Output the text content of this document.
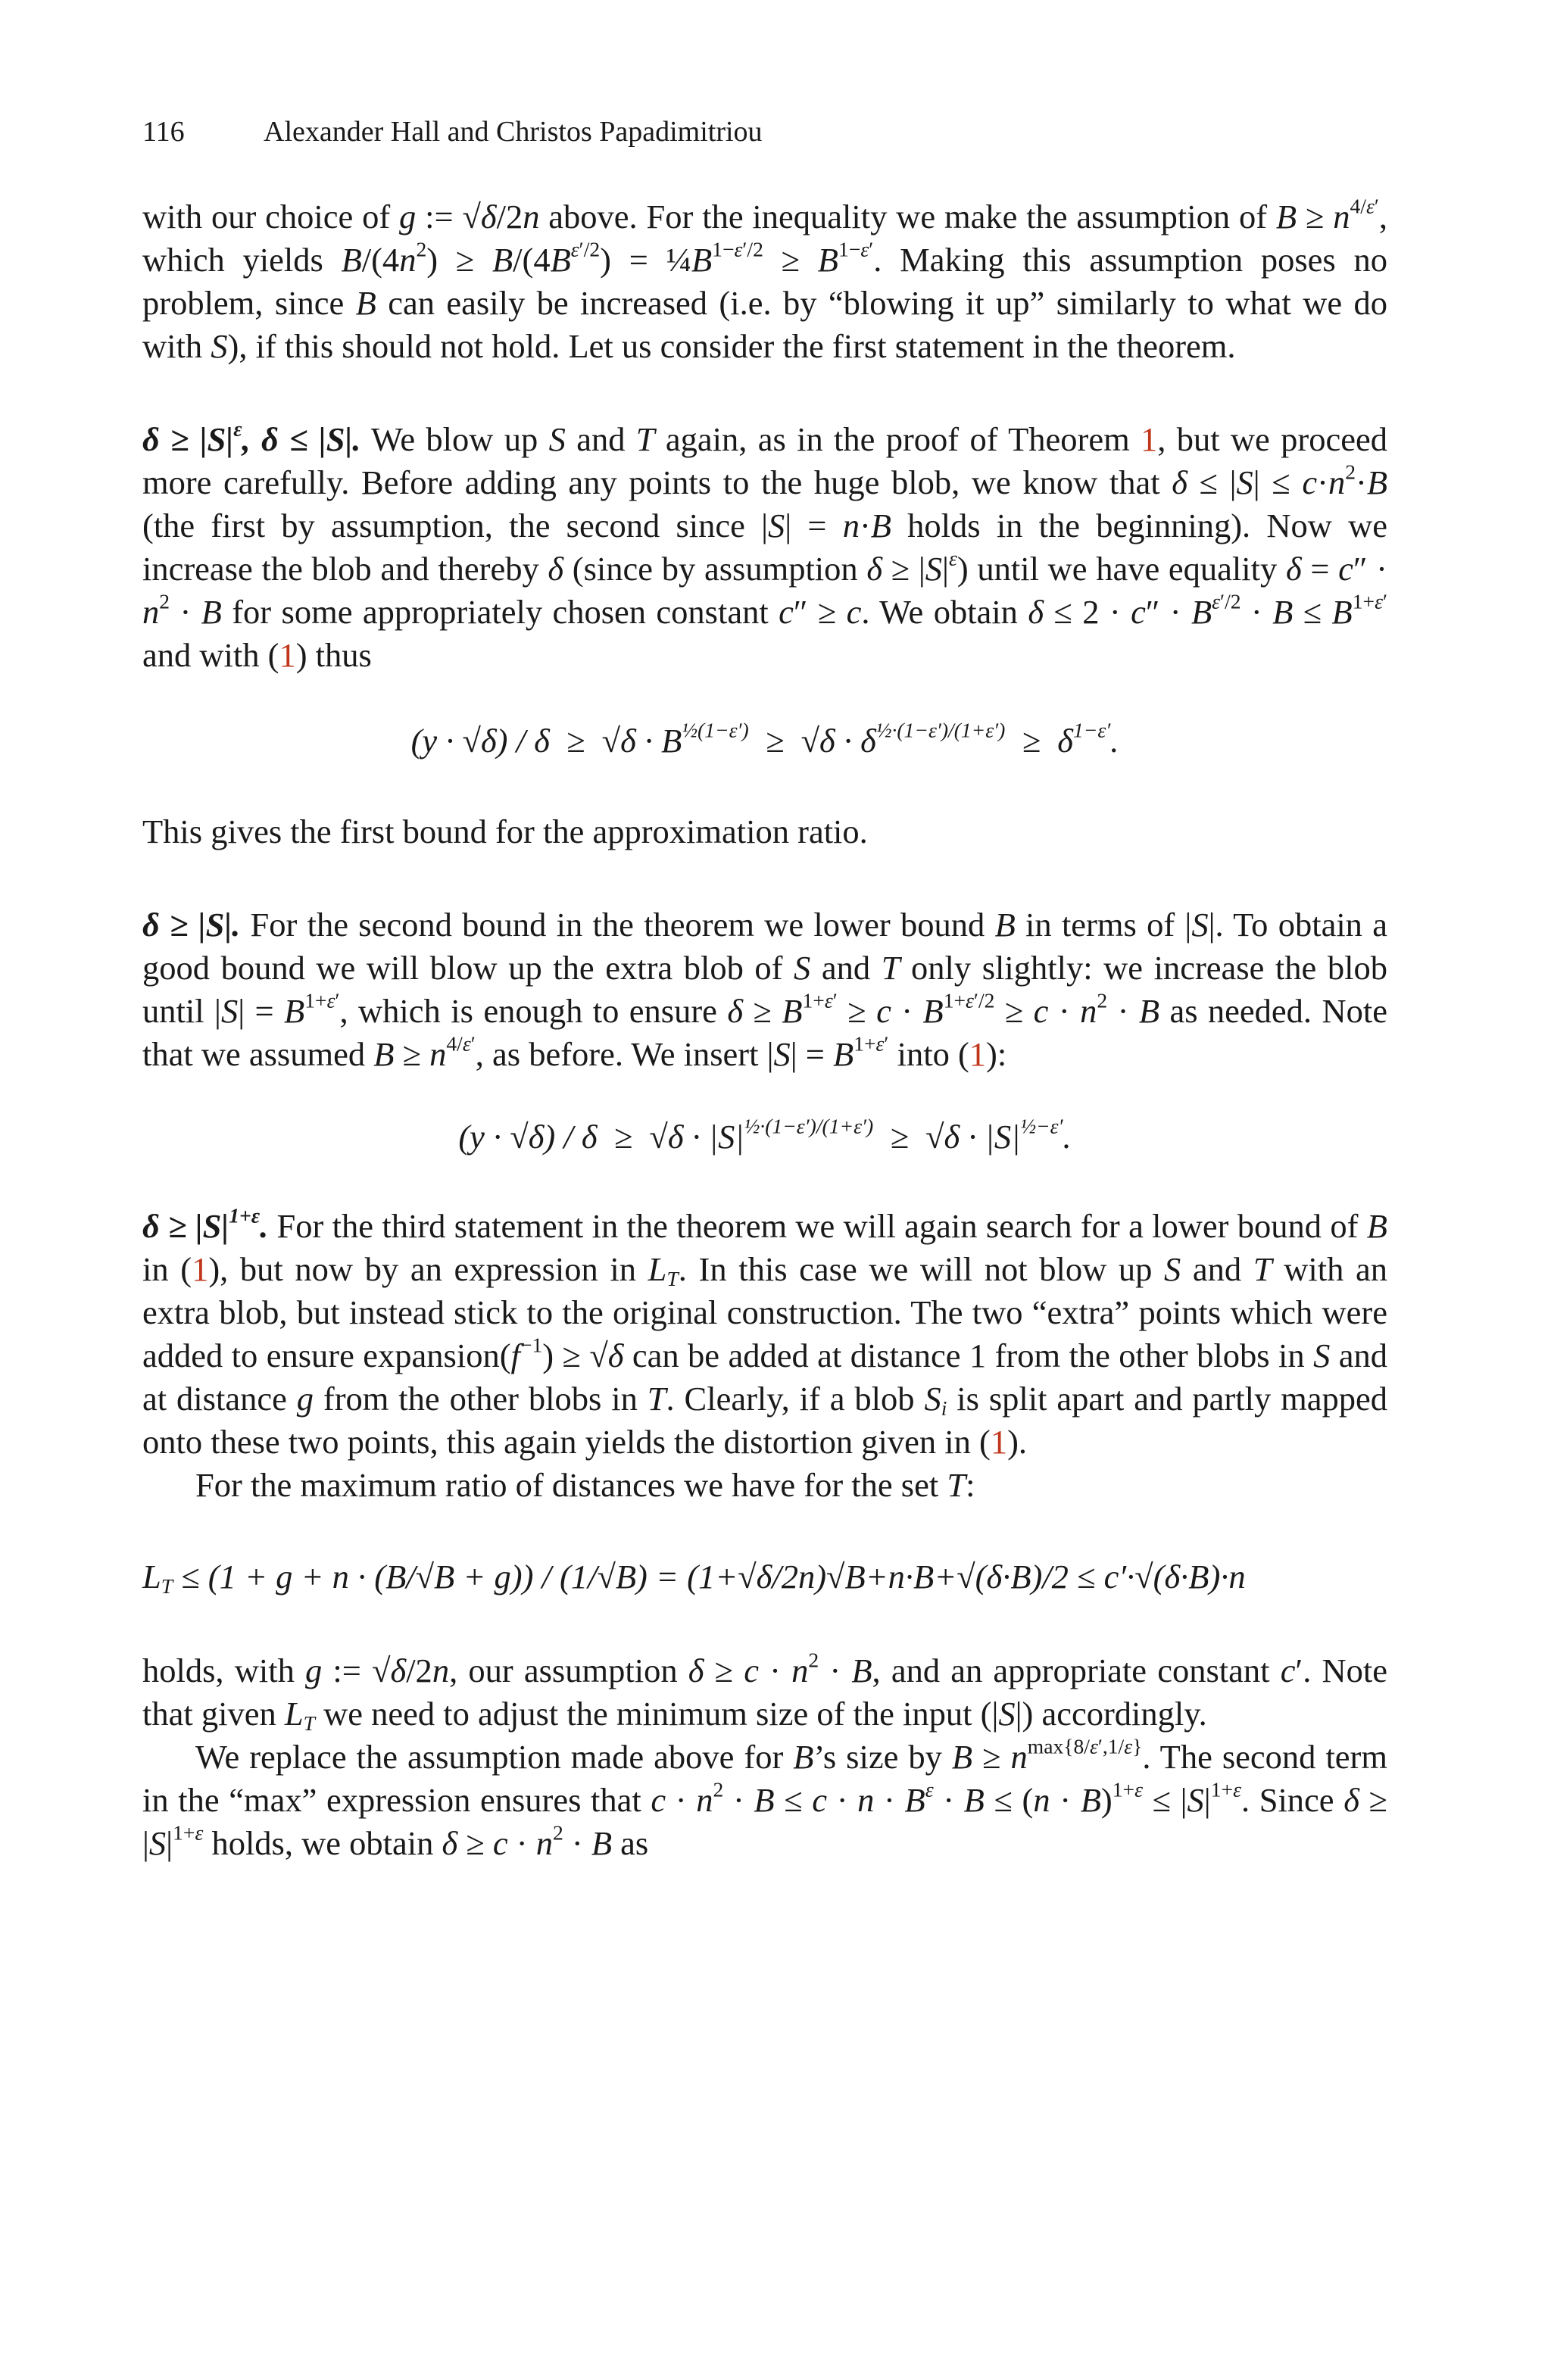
116	Alexander Hall and Christos Papadimitriou

with our choice of g := √δ/2n above. For the inequality we make the assumption of $B \ge n^{4/\varepsilon'}$, which yields $B/(4n^2) \ge B/(4B^{\varepsilon'/2})$ = $\frac{1}{4}B^{1-\varepsilon'/2} \ge B^{1-\varepsilon'}$. Making this assumption poses no problem, since B can easily be increased (i.e. by “blowing it up” similarly to what we do with S), if this should not hold. Let us consider the first statement in the theorem.

$\delta \ge |S|^\varepsilon$, δ ≤ |S|. We blow up S and T again, as in the proof of Theorem 1, but we proceed more carefully. Before adding any points to the huge blob, we know that $\delta \le |S| \le c\cdot n^2\cdot B$ (the first by assumption, the second since |S| = n·B holds in the beginning). Now we increase the blob and thereby δ (since by assumption $\delta \ge |S|^\varepsilon$) until we have equality $\delta = c'' \cdot n^2 \cdot B$ for some appropriately chosen constant c″ ≥ c. We obtain $\delta \le 2 \cdot c'' \cdot B^{\varepsilon'/2} \cdot B \le B^{1+\varepsilon'}$ and with (1) thus

$(y \cdot √\delta) / \delta \ge √\delta \cdot B^{\frac{1}{2}(1-\varepsilon')} \ge √\delta \cdot \delta^{\frac{1}{2}\cdot(1-\varepsilon')/(1+\varepsilon')} \ge \delta^{1-\varepsilon'}$.

This gives the first bound for the approximation ratio.

δ ≥ |S|. For the second bound in the theorem we lower bound B in terms of |S|. To obtain a good bound we will blow up the extra blob of S and T only slightly: we increase the blob until $|S| = B^{1+\varepsilon'}$, which is enough to ensure $\delta \ge B^{1+\varepsilon'} \ge c \cdot B^{1+\varepsilon'/2} \ge c \cdot n^2 \cdot B$ as needed. Note that we assumed $B \ge n^{4/\varepsilon'}$, as before. We insert $|S| = B^{1+\varepsilon'}$ into (1):

$(y \cdot √\delta) / \delta \ge √\delta \cdot |S|^{\frac{1}{2}\cdot(1-\varepsilon')/(1+\varepsilon')} \ge √\delta \cdot |S|^{\frac{1}{2}-\varepsilon'}$.

$\delta \ge |S|^{1+\varepsilon}$. For the third statement in the theorem we will again search for a lower bound of B in (1), but now by an expression in $L_T$. In this case we will not blow up S and T with an extra blob, but instead stick to the original construction. The two “extra” points which were added to ensure $expansion(f^{-1}) \ge √\delta$ can be added at distance 1 from the other blobs in S and at distance g from the other blobs in T. Clearly, if a blob $S_i$ is split apart and partly mapped onto these two points, this again yields the distortion given in (1).

For the maximum ratio of distances we have for the set T:

$L_T \le (1 + g + n \cdot (B/√B + g)) / (1/√B) = (1+√\delta/2n)√B+n\cdot B+√(\delta\cdot B)/2 \le c'\cdot√(\delta\cdot B)\cdot n$

holds, with g := √δ/2n, our assumption $\delta \ge c \cdot n^2 \cdot B$, and an appropriate constant c′. Note that given $L_T$ we need to adjust the minimum size of the input (|S|) accordingly.

We replace the assumption made above for B’s size by $B \ge n^{max\{8/\varepsilon',1/\varepsilon\}}$. The second term in the “max” expression ensures that $c \cdot n^2 \cdot B \le c \cdot n \cdot B^\varepsilon \cdot B \le (n \cdot B)^{1+\varepsilon} \le |S|^{1+\varepsilon}$. Since $\delta \ge |S|^{1+\varepsilon}$ holds, we obtain $\delta \ge c \cdot n^2 \cdot B$ as
